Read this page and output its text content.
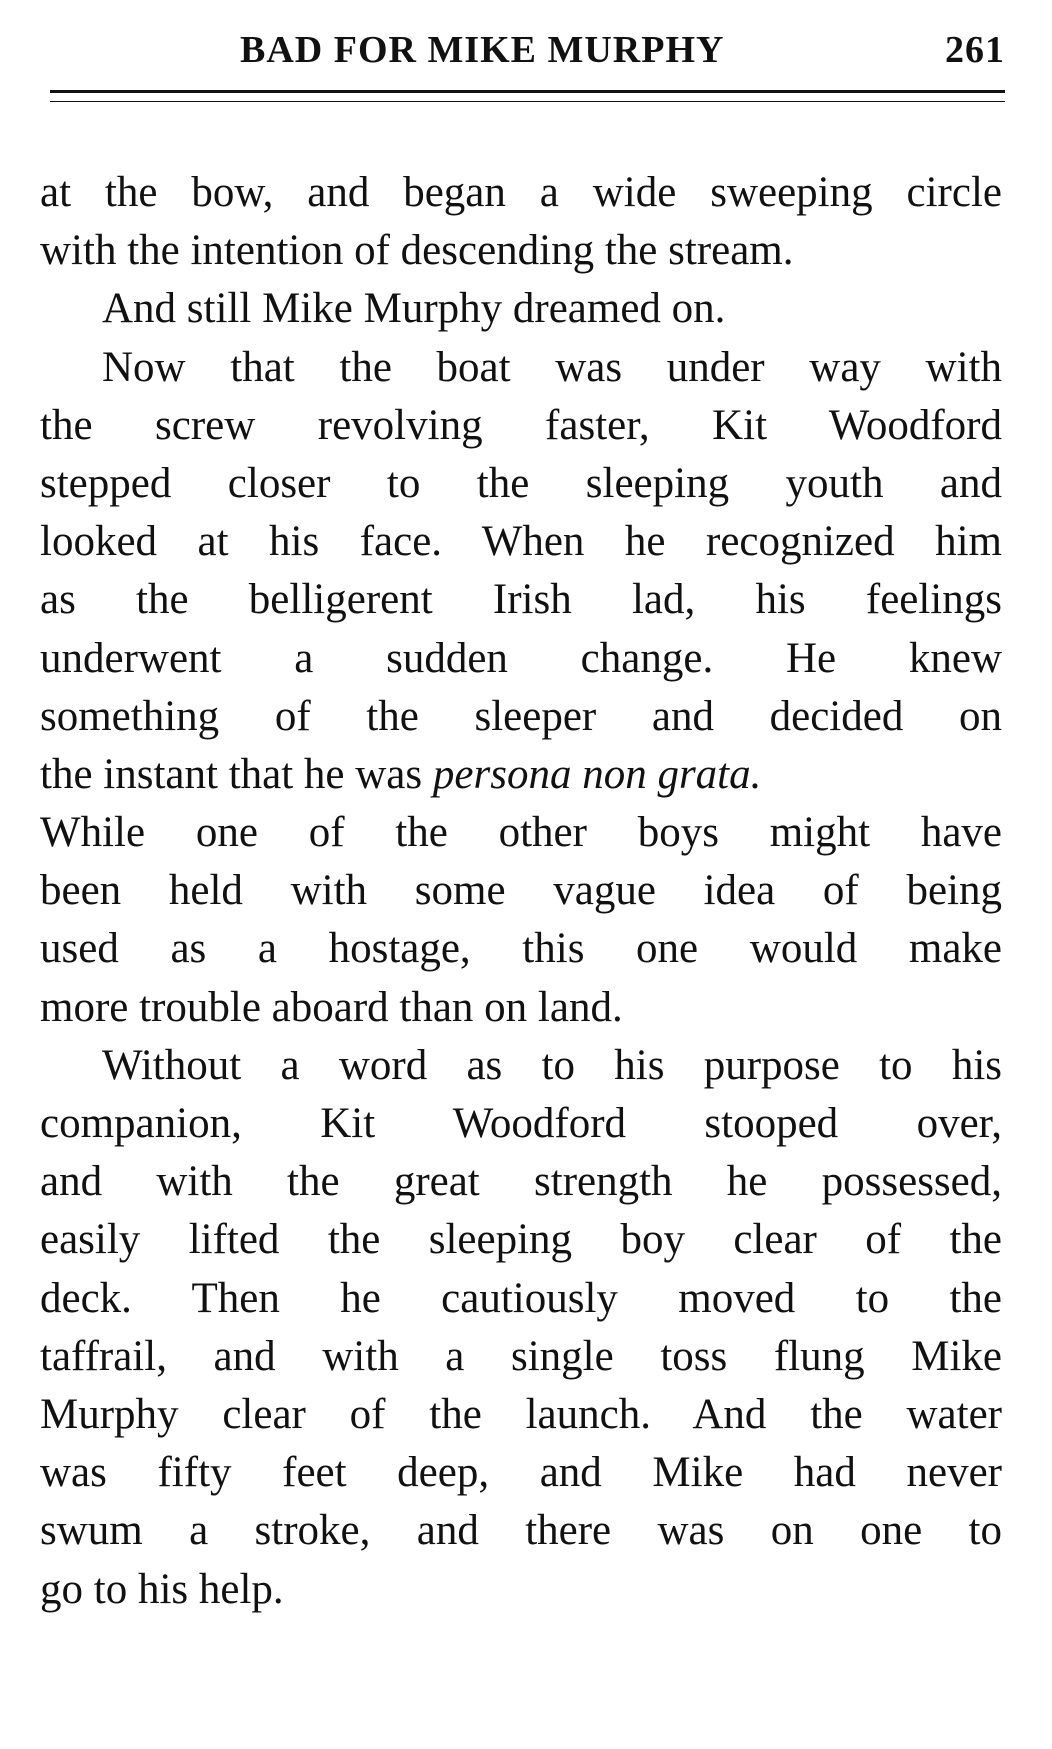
BAD FOR MIKE MURPHY	261
at the bow, and began a wide sweeping circle
with the intention of descending the stream.
And still Mike Murphy dreamed on.
Now that the boat was under way with
the screw revolving faster, Kit Woodford
stepped closer to the sleeping youth and
looked at his face. When he recognized him
as the belligerent Irish lad, his feelings
underwent a sudden change. He knew
something of the sleeper and decided on
the instant that he was persona non grata.
While one of the other boys might have
been held with some vague idea of being
used as a hostage, this one would make
more trouble aboard than on land.
Without a word as to his purpose to his
companion, Kit Woodford stooped over,
and with the great strength he possessed,
easily lifted the sleeping boy clear of the
deck. Then he cautiously moved to the
taffrail, and with a single toss flung Mike
Murphy clear of the launch. And the water
was fifty feet deep, and Mike had never
swum a stroke, and there was on one to
go to his help.
